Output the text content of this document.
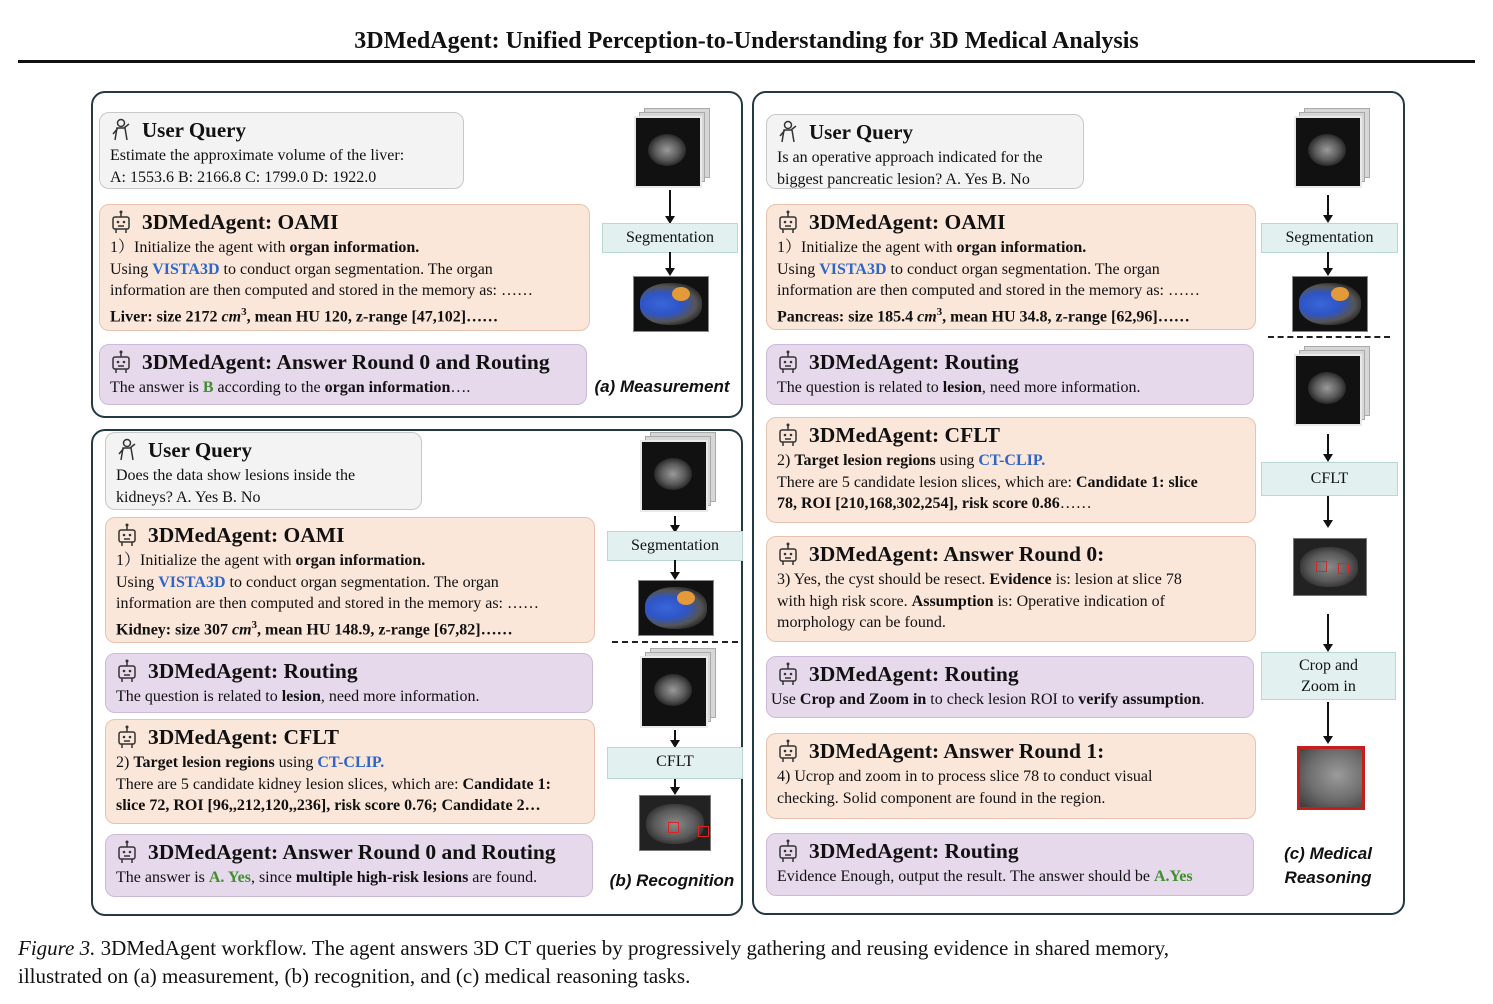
3DMedAgent: Unified Perception-to-Understanding for 3D Medical Analysis
User Query
Estimate the approximate volume of the liver:
A: 1553.6 B: 2166.8 C: 1799.0 D: 1922.0
3DMedAgent: OAMI
1）Initialize the agent with organ information.
Using VISTA3D to conduct organ segmentation. The organ
information are then computed and stored in the memory as: ……
Liver: size 2172 $cm^3$, mean HU 120, z-range [47,102]……
3DMedAgent: Answer Round 0 and Routing
The answer is B according to the organ information….
Segmentation
(a) Measurement
User Query
Does the data show lesions inside the
kidneys? A. Yes B. No
3DMedAgent: OAMI
1）Initialize the agent with organ information.
Using VISTA3D to conduct organ segmentation. The organ
information are then computed and stored in the memory as: ……
Kidney: size 307 $cm^3$, mean HU 148.9, z-range [67,82]……
3DMedAgent: Routing
The question is related to lesion, need more information.
3DMedAgent: CFLT
2) Target lesion regions using CT-CLIP.
There are 5 candidate kidney lesion slices, which are: Candidate 1:
slice 72, ROI [96,,212,120,,236], risk score 0.76; Candidate 2…
3DMedAgent: Answer Round 0 and Routing
The answer is A. Yes, since multiple high-risk lesions are found.
Segmentation
CFLT
(b) Recognition
User Query
Is an operative approach indicated for the
biggest pancreatic lesion? A. Yes B. No
3DMedAgent: OAMI
1）Initialize the agent with organ information.
Using VISTA3D to conduct organ segmentation. The organ
information are then computed and stored in the memory as: ……
Pancreas: size 185.4 $cm^3$, mean HU 34.8, z-range [62,96]……
3DMedAgent: Routing
The question is related to lesion, need more information.
3DMedAgent: CFLT
2) Target lesion regions using CT-CLIP.
There are 5 candidate lesion slices, which are: Candidate 1: slice
78, ROI [210,168,302,254], risk score 0.86……
3DMedAgent: Answer Round 0:
3) Yes, the cyst should be resect. Evidence is: lesion at slice 78
with high risk score. Assumption is: Operative indication of
morphology can be found.
3DMedAgent: Routing
Use Crop and Zoom in to check lesion ROI to verify assumption.
3DMedAgent: Answer Round 1:
4) Ucrop and zoom in to process slice 78 to conduct visual
checking. Solid component are found in the region.
3DMedAgent: Routing
Evidence Enough, output the result. The answer should be A.Yes
Segmentation
CFLT
Crop and
Zoom in
(c) Medical
Reasoning
Figure 3. 3DMedAgent workflow. The agent answers 3D CT queries by progressively gathering and reusing evidence in shared memory,
illustrated on (a) measurement, (b) recognition, and (c) medical reasoning tasks.
